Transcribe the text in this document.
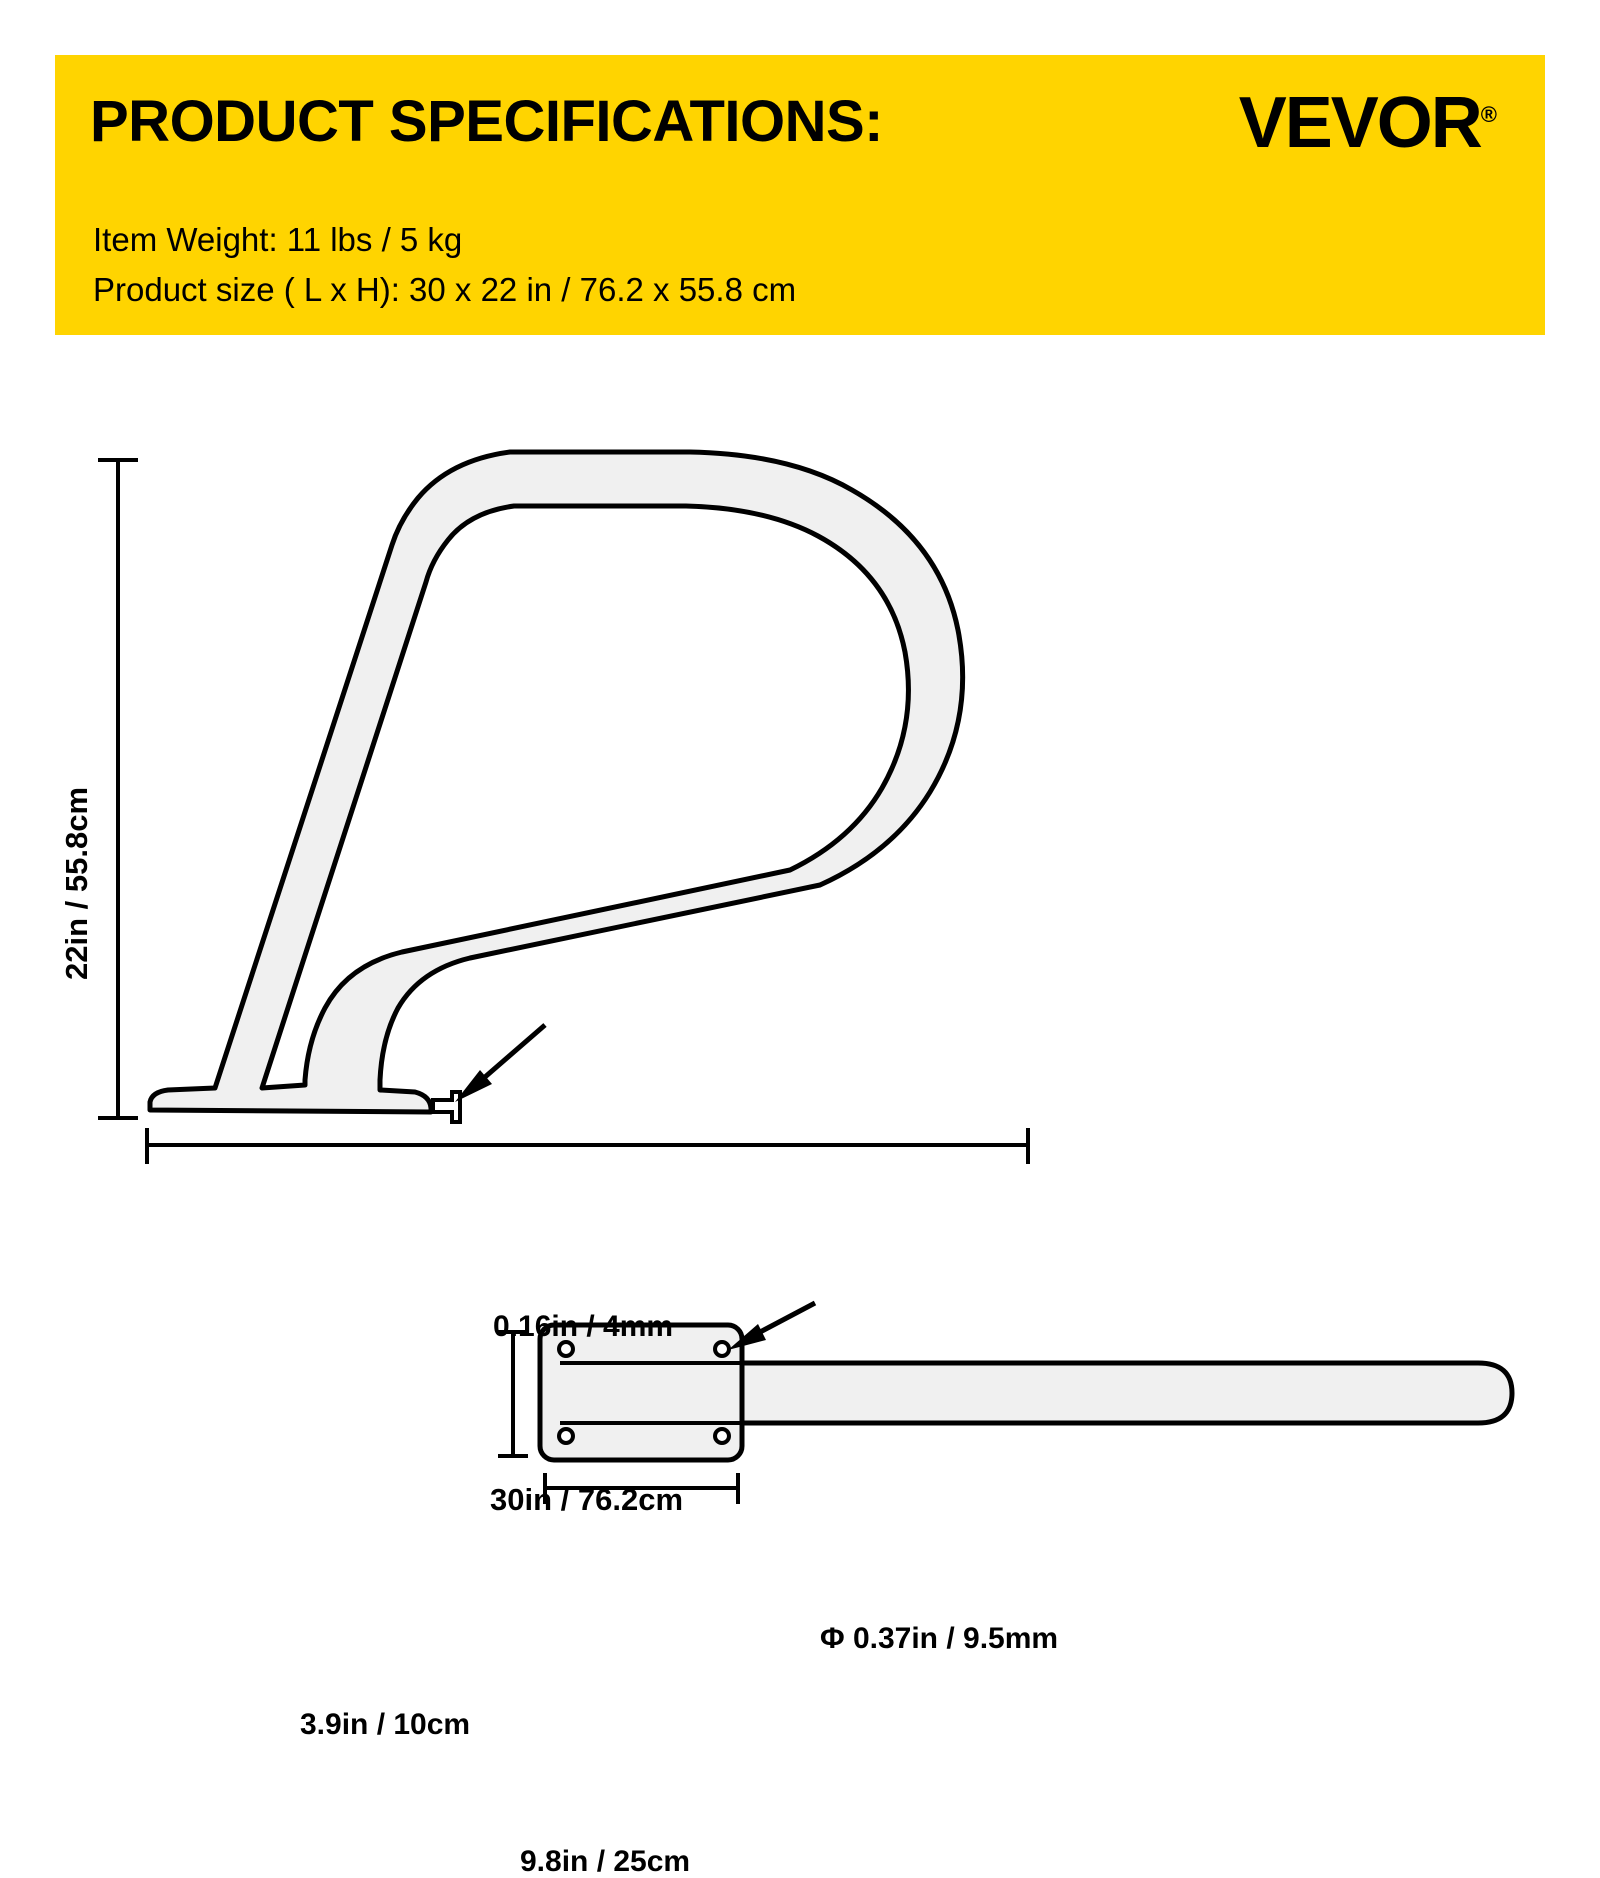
PRODUCT SPECIFICATIONS:	VEVOR®
Item Weight: 11 lbs / 5 kg
Product size ( L x H): 30 x 22 in / 76.2 x 55.8 cm
22in / 55.8cm
30in / 76.2cm
0.16in / 4mm
Φ 0.37in / 9.5mm
3.9in / 10cm
9.8in / 25cm
